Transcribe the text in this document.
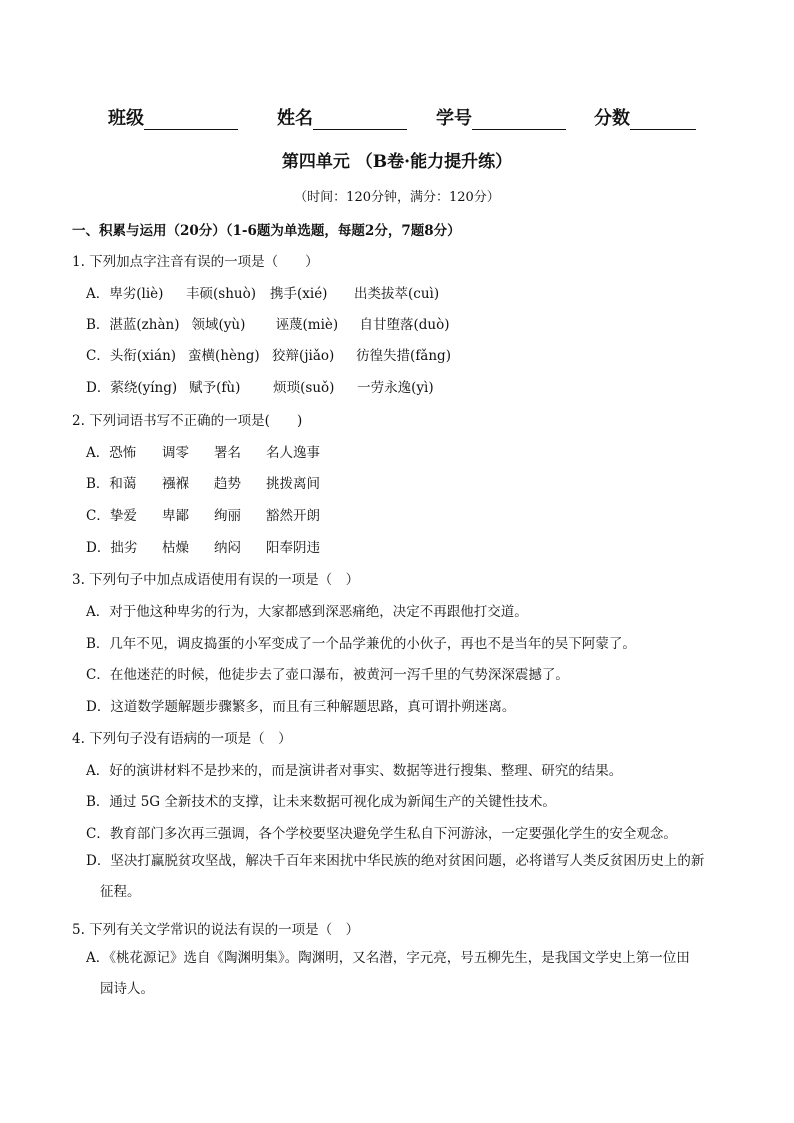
班级	姓名	学号	分数
第四单元 （B卷·能力提升练）
（时间：120分钟，满分：120分）
一、积累与运用（20分）（1-6题为单选题，每题2分，7题8分）
1. 下列加点字注音有误的一项是（　　）
A．卑劣(liè) 丰硕(shuò) 携手(xié) 出类拔萃(cuì)
B．湛蓝(zhàn) 领域(yù) 诬蔑(miè) 自甘堕落(duò)
C．头衔(xián) 蛮横(hèng) 狡辩(jiǎo) 彷徨失措(fǎng)
D．萦绕(yíng) 赋予(fù) 烦琐(suǒ) 一劳永逸(yì)
2. 下列词语书写不正确的一项是(　　)
A．恐怖 调零 署名 名人逸事
B．和蔼 襁褓 趋势 挑拨离间
C．挚爱 卑鄙 绚丽 豁然开朗
D．拙劣 枯燥 纳闷 阳奉阴违
3. 下列句子中加点成语使用有误的一项是（　）
A．对于他这种卑劣的行为，大家都感到深恶痛绝，决定不再跟他打交道。
B．几年不见，调皮捣蛋的小军变成了一个品学兼优的小伙子，再也不是当年的吴下阿蒙了。
C．在他迷茫的时候，他徒步去了壶口瀑布，被黄河一泻千里的气势深深震撼了。
D．这道数学题解题步骤繁多，而且有三种解题思路，真可谓扑朔迷离。
4. 下列句子没有语病的一项是（　）
A．好的演讲材料不是抄来的，而是演讲者对事实、数据等进行搜集、整理、研究的结果。
B．通过 5G 全新技术的支撑，让未来数据可视化成为新闻生产的关键性技术。
C．教育部门多次再三强调，各个学校要坚决避免学生私自下河游泳，一定要强化学生的安全观念。
D．坚决打赢脱贫攻坚战，解决千百年来困扰中华民族的绝对贫困问题，必将谱写人类反贫困历史上的新
征程。
5. 下列有关文学常识的说法有误的一项是（　）
A．《桃花源记》选自《陶渊明集》。陶渊明，又名潜，字元亮，号五柳先生，是我国文学史上第一位田
园诗人。
